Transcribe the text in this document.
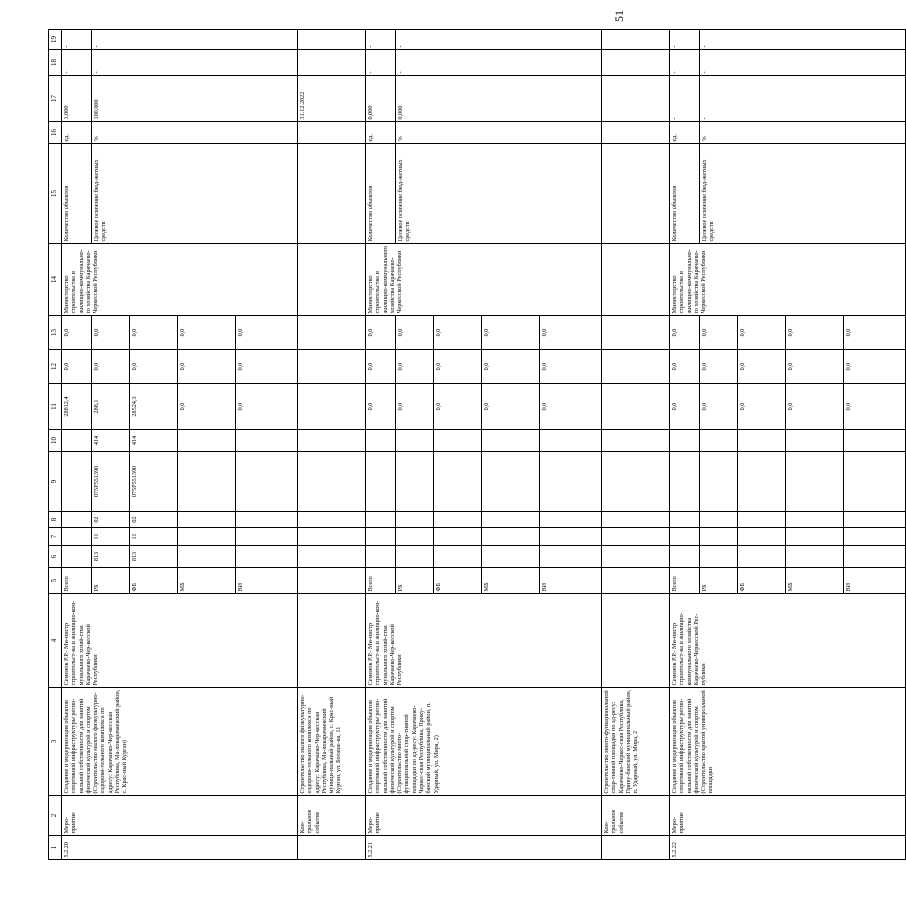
51
1	2	3	4	5	6	7	8	9	10	11	12	13	14	15	16	17	18	19
5.2.20	Меро-приятие	Создание и модернизация объектов спортивной инфраструктуры регио-нальной собственности для занятий физической культурой и спортом (Строительство малого физкультурно-оздорови-тельного комплекса по адресу: Карачаево-Чер-кесская Республика, Ма-локарачаевский район, с. Крас-ный Курган)	Семенов Р.Р.- Ми-нистр строительст-ва и жилищно-ком-мунального хозяй-ства Карачаево-Чер-кесской Республики	Всего						28812,4	0,0	0,0	Министерство строительства и жилищно-коммунально-го хозяйства Карачаево-Черкесской Республики	Количество объектов	ед.	1,000	-	-
				РБ	813	11	02	075P551390	414	288,1	0,0	0,0		Целевое освоение бюд-жетных средств	%	100,000	-	-
				ФБ	813	11	02	075P551390	414	28524,3	0,0	0,0						
				МБ						0,0	0,0	0,0						
				ВИ						0,0	0,0	0,0						
	Кон-трольное событие	Строительство малого физкультурно-оздорови-тельного комплекса по адресу: Карачаево-Чер-кесская Республика, Ма-локарачаевский муници-пальный район, с. Крас-ный Курган, ул. Боташе-ва, 11														31.12.2022		
5.2.21	Меро-приятие	Создание и модернизация объектов спортивной инфраструктуры регио-нальной собственности для занятий физической культурой и спортом (Строительство много-функциональной спор-тивной площадки по ад-ресу: Карачаево-Черкес-ская Республика, Прику-банский муниципальный район, п. Ударный, ул. Мира, 2)	Семенов Р.Р.- Ми-нистр строительст-ва и жилищно-ком-мунального хозяй-ства Карачаево-Чер-кесской Республики	Всего						0,0	0,0	0,0	Министерство строительства и жилищно-коммунального хозяйства Карачаево-Черкесской Республики	Количество объектов	ед.	0,000	-	-
				РБ						0,0	0,0	0,0		Целевое освоение бюд-жетных средств	%	0,000	-	-
				ФБ						0,0	0,0	0,0						
				МБ						0,0	0,0	0,0						
				ВИ						0,0	0,0	0,0						
	Кон-трольное событие	Строительство много-функциональной спор-тивной площадки по ад-ресу: Карачаево-Черкес-ская Республика, Прику-банский муниципальный район, п. Ударный, ул. Мира, 2																
5.2.22	Меро-приятие	Создание и модернизация объектов спортивной инфраструктуры регио-нальной собственности для занятий физической культурой и спортом (Строительство крытой универсальной площадки	Семенов Р.Р.- Ми-нистр строительст-ва и жилищно-коммунального хозяйства Карачаево-Черкесской Рес-публики	Всего						0,0	0,0	0,0	Министерство строительства и жилищно-коммунально-го хозяйства Карачаево-Черкесской Республики	Количество объектов	ед.	-	-	-
				РБ						0,0	0,0	0,0		Целевое освоение бюд-жетных средств	%	-	-	-
				ФБ						0,0	0,0	0,0						
				МБ						0,0	0,0	0,0						
				ВИ						0,0	0,0	0,0						
